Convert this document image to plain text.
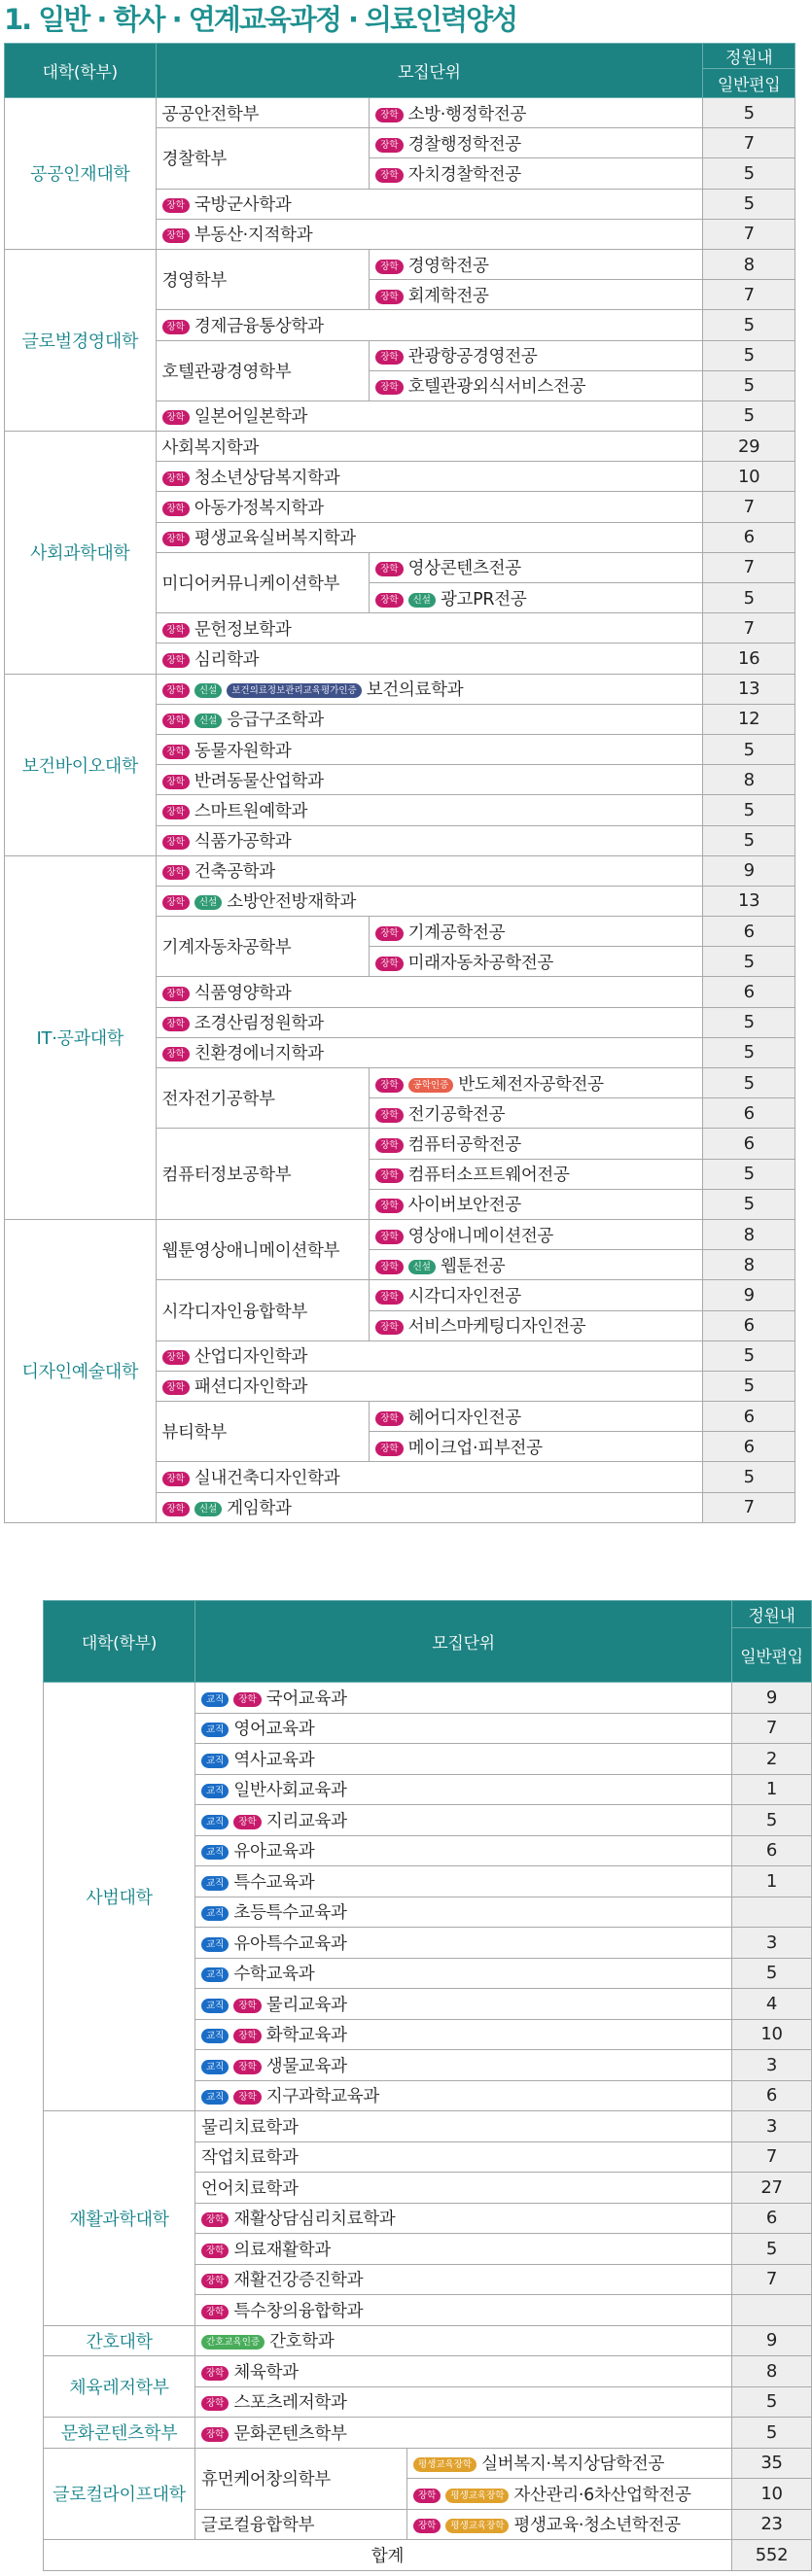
1. 일반 · 학사 · 연계교육과정 · 의료인력양성
대학(학부)	모집단위		정원내
			일반편입
공공인재대학	공공안전학부	장학 소방·행정학전공	5
	경찰학부	장학 경찰행정학전공	7
		장학 자치경찰학전공	5
	장학 국방군사학과		5
	장학 부동산·지적학과		7
글로벌경영대학	경영학부	장학 경영학전공	8
		장학 회계학전공	7
	장학 경제금융통상학과		5
	호텔관광경영학부	장학 관광항공경영전공	5
		장학 호텔관광외식서비스전공	5
	장학 일본어일본학과		5
사회과학대학	사회복지학과		29
	장학 청소년상담복지학과		10
	장학 아동가정복지학과		7
	장학 평생교육실버복지학과		6
	미디어커뮤니케이션학부	장학 영상콘텐츠전공	7
		장학 신설 광고PR전공	5
	장학 문헌정보학과		7
	장학 심리학과		16
보건바이오대학	장학 신설 보건의료정보관리교육평가인증 보건의료학과		13
	장학 신설 응급구조학과		12
	장학 동물자원학과		5
	장학 반려동물산업학과		8
	장학 스마트원예학과		5
	장학 식품가공학과		5
IT·공과대학	장학 건축공학과		9
	장학 신설 소방안전방재학과		13
	기계자동차공학부	장학 기계공학전공	6
		장학 미래자동차공학전공	5
	장학 식품영양학과		6
	장학 조경산림정원학과		5
	장학 친환경에너지학과		5
	전자전기공학부	장학 공학인증 반도체전자공학전공	5
		장학 전기공학전공	6
	컴퓨터정보공학부	장학 컴퓨터공학전공	6
		장학 컴퓨터소프트웨어전공	5
		장학 사이버보안전공	5
디자인예술대학	웹툰영상애니메이션학부	장학 영상애니메이션전공	8
		장학 신설 웹툰전공	8
	시각디자인융합학부	장학 시각디자인전공	9
		장학 서비스마케팅디자인전공	6
	장학 산업디자인학과		5
	장학 패션디자인학과		5
	뷰티학부	장학 헤어디자인전공	6
		장학 메이크업·피부전공	6
	장학 실내건축디자인학과		5
	장학 신설 게임학과		7
대학(학부)	모집단위		정원내
			일반편입
사범대학	교직 장학 국어교육과		9
	교직 영어교육과		7
	교직 역사교육과		2
	교직 일반사회교육과		1
	교직 장학 지리교육과		5
	교직 유아교육과		6
	교직 특수교육과		1
	교직 초등특수교육과		
	교직 유아특수교육과		3
	교직 수학교육과		5
	교직 장학 물리교육과		4
	교직 장학 화학교육과		10
	교직 장학 생물교육과		3
	교직 장학 지구과학교육과		6
재활과학대학	물리치료학과		3
	작업치료학과		7
	언어치료학과		27
	장학 재활상담심리치료학과		6
	장학 의료재활학과		5
	장학 재활건강증진학과		7
	장학 특수창의융합학과		
간호대학	간호교육인증 간호학과		9
체육레저학부	장학 체육학과		8
	장학 스포츠레저학과		5
문화콘텐츠학부	장학 문화콘텐츠학부		5
글로컬라이프대학	휴먼케어창의학부	평생교육장학 실버복지·복지상담학전공	35
		장학 평생교육장학 자산관리·6차산업학전공	10
	글로컬융합학부	장학 평생교육장학 평생교육·청소년학전공	23
합계			552
